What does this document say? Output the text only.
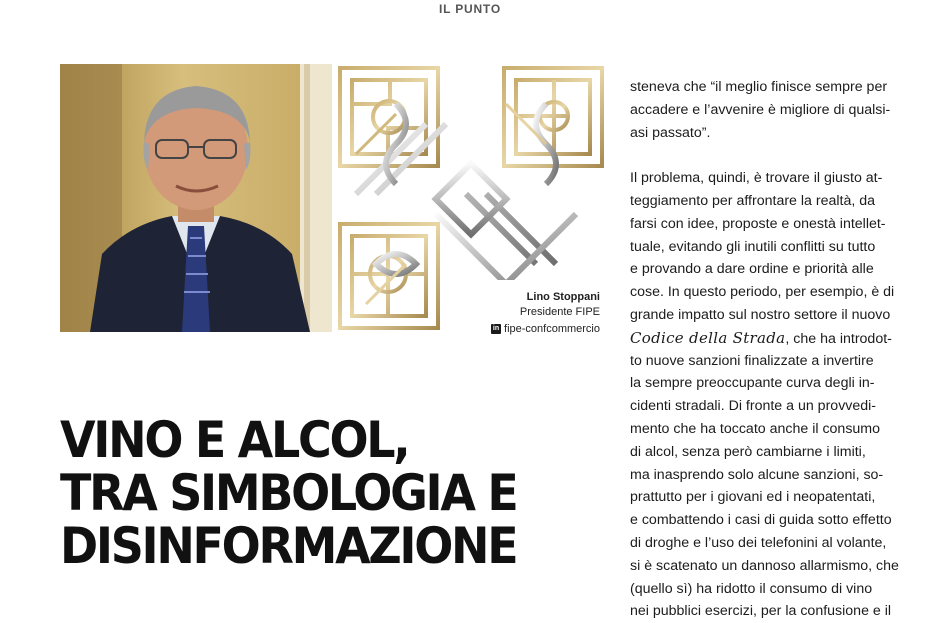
IL PUNTO
Lino Stoppani
Presidente FIPE
in fipe-confcommercio
VINO E ALCOL,
TRA SIMBOLOGIA E
DISINFORMAZIONE
steneva che “il meglio finisce sempre per
accadere e l’avvenire è migliore di qualsi-
asi passato”.
Il problema, quindi, è trovare il giusto at-
teggiamento per affrontare la realtà, da
farsi con idee, proposte e onestà intellet-
tuale, evitando gli inutili conflitti su tutto
e provando a dare ordine e priorità alle
cose. In questo periodo, per esempio, è di
grande impatto sul nostro settore il nuovo
Codice della Strada, che ha introdot-
to nuove sanzioni finalizzate a invertire
la sempre preoccupante curva degli in-
cidenti stradali. Di fronte a un provvedi-
mento che ha toccato anche il consumo
di alcol, senza però cambiarne i limiti,
ma inasprendo solo alcune sanzioni, so-
prattutto per i giovani ed i neopatentati,
e combattendo i casi di guida sotto effetto
di droghe e l’uso dei telefonini al volante,
si è scatenato un dannoso allarmismo, che
(quello sì) ha ridotto il consumo di vino
nei pubblici esercizi, per la confusione e il
